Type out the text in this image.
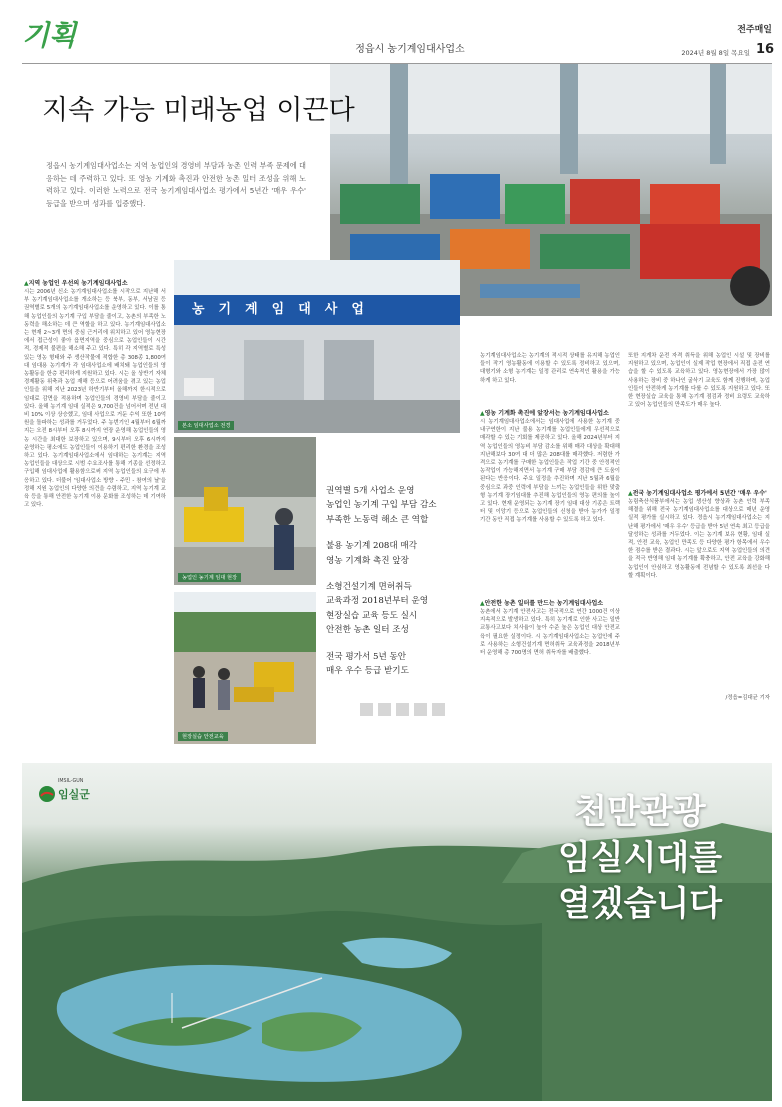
기획	정읍시 농기계임대사업소
전주매일
2024년 8월 8일 목요일 16
지속 가능 미래농업 이끈다
정읍시 농기계임대사업소는 지역 농업인의 경영비 부담과 농촌 인력 부족 문제에 대응하는 데 주력하고 있다. 또 영농 기계화 촉진과 안전한 농촌 일터 조성을 위해 노력하고 있다. 이러한 노력으로 전국 농기계임대사업소 평가에서 5년간 '매우 우수' 등급을 받으며 성과를 입증했다.
▲지역 농업인 우선의 농기계임대사업소
시는 2006년 신소 농기계임대사업소를 시작으로 지난해 서부 농기계임대사업소를 개소하는 등 북부, 동부, 서남권 등 권역별로 5개의 농기계임대사업소를 운영하고 있다. 이를 통해 농업인들의 농기계 구입 부담을 줄이고, 농촌의 부족한 노동력을 해소하는 데 큰 역할을 하고 있다. 농기계임대사업소는 현재 2~3개 면의 중심 근거리에 위치하고 있어 영농현장에서 접근성이 좋아 읍면지역을 중심으로 농업인들이 시간적, 경제적 불편을 해소해 주고 있다. 특히 각 지역별로 특성 있는 영농 형태와 주 생산작물에 적합한 총 308종 1,800여 대 임대용 농기계가 각 임대사업소에 배치돼 농업인들의 영농활동을 한층 편리하게 지원하고 있다. 시는 올 상반기 자체 경제활동 위축과 농업 재해 등으로 어려움을 겪고 있는 농업인들을 위해 지난 2023년 하반기부터 올해까지 한시적으로 임대료 감면을 적용하며 농업인들의 경영비 부담을 줄이고 있다. 올해 농기계 임대 실적은 9,700건을 넘어서며 전년 대비 10% 이상 상승했고, 임대 사업으로 거둔 수익 또한 10억 원을 돌파하는 성과를 거두었다. 주 농번기인 4월부터 6월까지는 오전 8시부터 오후 8시까지 연장 운영해 농업인들의 영농 시간을 최대한 보장하고 있으며, 9시부터 오후 6시까지 운영하는 평소에도 농업인들이 이용하기 편리한 환경을 조성하고 있다. 농기계임대사업소에서 임대하는 농기계는 지역 농업인들을 대상으로 시범 수요조사를 통해 기종을 선정하고 구입해 임대사업에 활용함으로써 지역 농업인들의 요구에 부응하고 있다. 더불어 '임대사업소 방향 - 주민 - 참여의 날'을 정해 지원 농업인의 다양한 의견을 수렴하고, 지역 농기계 교육 등을 통해 안전한 농기계 이용 문화를 조성하는 데 기여하고 있다.
농기계임대사업
본소 임대사업소 전경
농업인 농기계 임대 현장
현장실습 안전교육
권역별 5개 사업소 운영
농업인 농기계 구입 부담 감소
부족한 노동력 해소 큰 역할
불용 농기계 208대 매각
영농 기계화 촉진 앞장
소형건설기계 면허취득
교육과정 2018년부터 운영
현장실습 교육 등도 실시
안전한 농촌 일터 조성
전국 평가서 5년 동안
매우 우수 등급 받기도
농기계임대사업소는 농기계의 적시적 상태를 유지해 농업인들이 작기 영농활동에 이용할 수 있도록 정비하고 있으며, 대형기와 소형 농기계는 일정 관리로 연속적인 활용을 가능하게 하고 있다.
▲영농 기계화 촉진에 앞장서는 농기계임대사업소
시 농기계임대사업소에서는 임대사업에 사용한 농기계 중 내구연한이 지난 불용 농기계를 농업인들에게 우선적으로 매각할 수 있는 기회를 제공하고 있다. 올해 2024년부터 지역 농업인들의 영농비 부담 감소를 위해 매각 대상을 확대해 지난해보다 30여 대 더 많은 208대를 매각했다. 저렴한 가격으로 농기계를 구매한 농업인들은 작업 기간 중 안정적인 농작업이 가능해지면서 농기계 구매 부담 경감에 큰 도움이 된다는 반응이다. 주요 일정을 추진하며 지난 5월과 6월을 중심으로 과중 인력에 부담을 느끼는 농업인들을 위한 맞춤형 농기계 장기임대를 추진해 농업인들의 영농 편의를 높이고 있다. 현재 운영되는 농기계 장기 임대 대상 기종은 트랙터 및 이앙기 등으로 농업인들의 신청을 받아 농가가 일정 기간 동안 직접 농기계를 사용할 수 있도록 하고 있다.
▲안전한 농촌 일터를 만드는 농기계임대사업소
농촌에서 농기계 안전사고는 전국적으로 연간 1000건 이상 지속적으로 발생하고 있다. 특히 농기계로 인한 사고는 일반 교통사고보다 치사율이 높아 수준 높은 농업인 대상 안전교육이 필요한 실정이다. 시 농기계임대사업소는 농업인에 주로 사용하는 소형건설기계 면허취득 교육과정을 2018년부터 운영해 총 700명의 면허 취득자를 배출했다.
또한 지게차 운전 자격 취득을 위해 농업인 시설 및 장비를 지원하고 있으며, 농업인이 실제 작업 현장에서 직접 운전 연습을 할 수 있도록 교육하고 있다. 영농현장에서 가장 많이 사용하는 장비 중 하나인 굴삭기 교육도 함께 진행하며, 농업인들이 안전하게 농기계를 다룰 수 있도록 지원하고 있다. 또한 현장실습 교육을 통해 농기계 점검과 정비 요령도 교육하고 있어 농업인들의 만족도가 매우 높다.
▲전국 농기계임대사업소 평가에서 5년간 '매우 우수'
농림축산식품부에서는 농업 생산성 향상과 농촌 인력 부족 해결을 위해 전국 농기계임대사업소를 대상으로 매년 운영 실적 평가를 실시하고 있다. 정읍시 농기계임대사업소는 지난해 평가에서 '매우 우수' 등급을 받아 5년 연속 최고 등급을 달성하는 성과를 거두었다. 이는 농기계 보유 현황, 임대 실적, 안전 교육, 농업인 만족도 등 다양한 평가 항목에서 우수한 점수를 받은 결과다. 시는 앞으로도 지역 농업인들의 의견을 적극 반영해 임대 농기계를 확충하고, 안전 교육을 강화해 농업인이 안심하고 영농활동에 전념할 수 있도록 최선을 다할 계획이다.
/정읍=김대균 기자
IMSIL-GUN
임실군	천만관광
임실시대를
열겠습니다
